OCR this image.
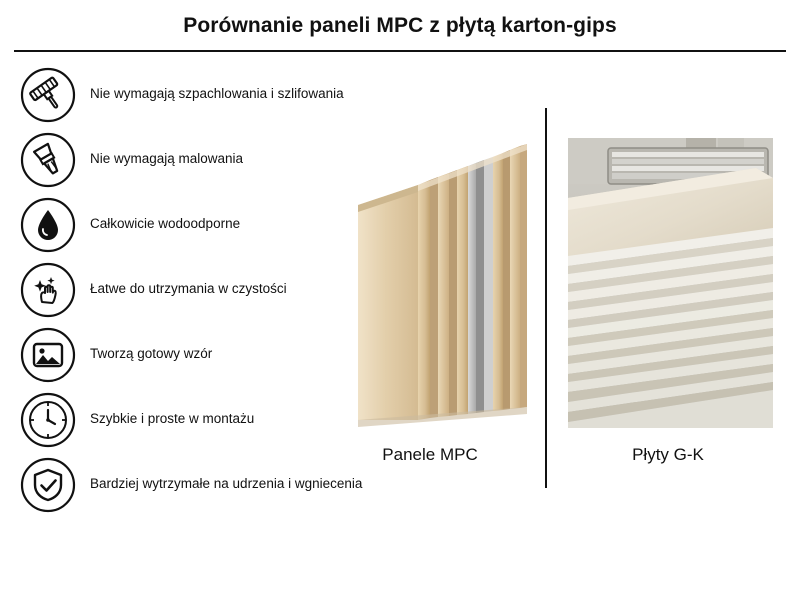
Porównanie paneli MPC z płytą karton-gips
Nie wymagają szpachlowania i szlifowania
Nie wymagają malowania
Całkowicie wodoodporne
Łatwe do utrzymania w czystości
Tworzą gotowy wzór
Szybkie i proste w montażu
Bardziej wytrzymałe na udrzenia i wgniecenia
Panele MPC	Płyty G-K
